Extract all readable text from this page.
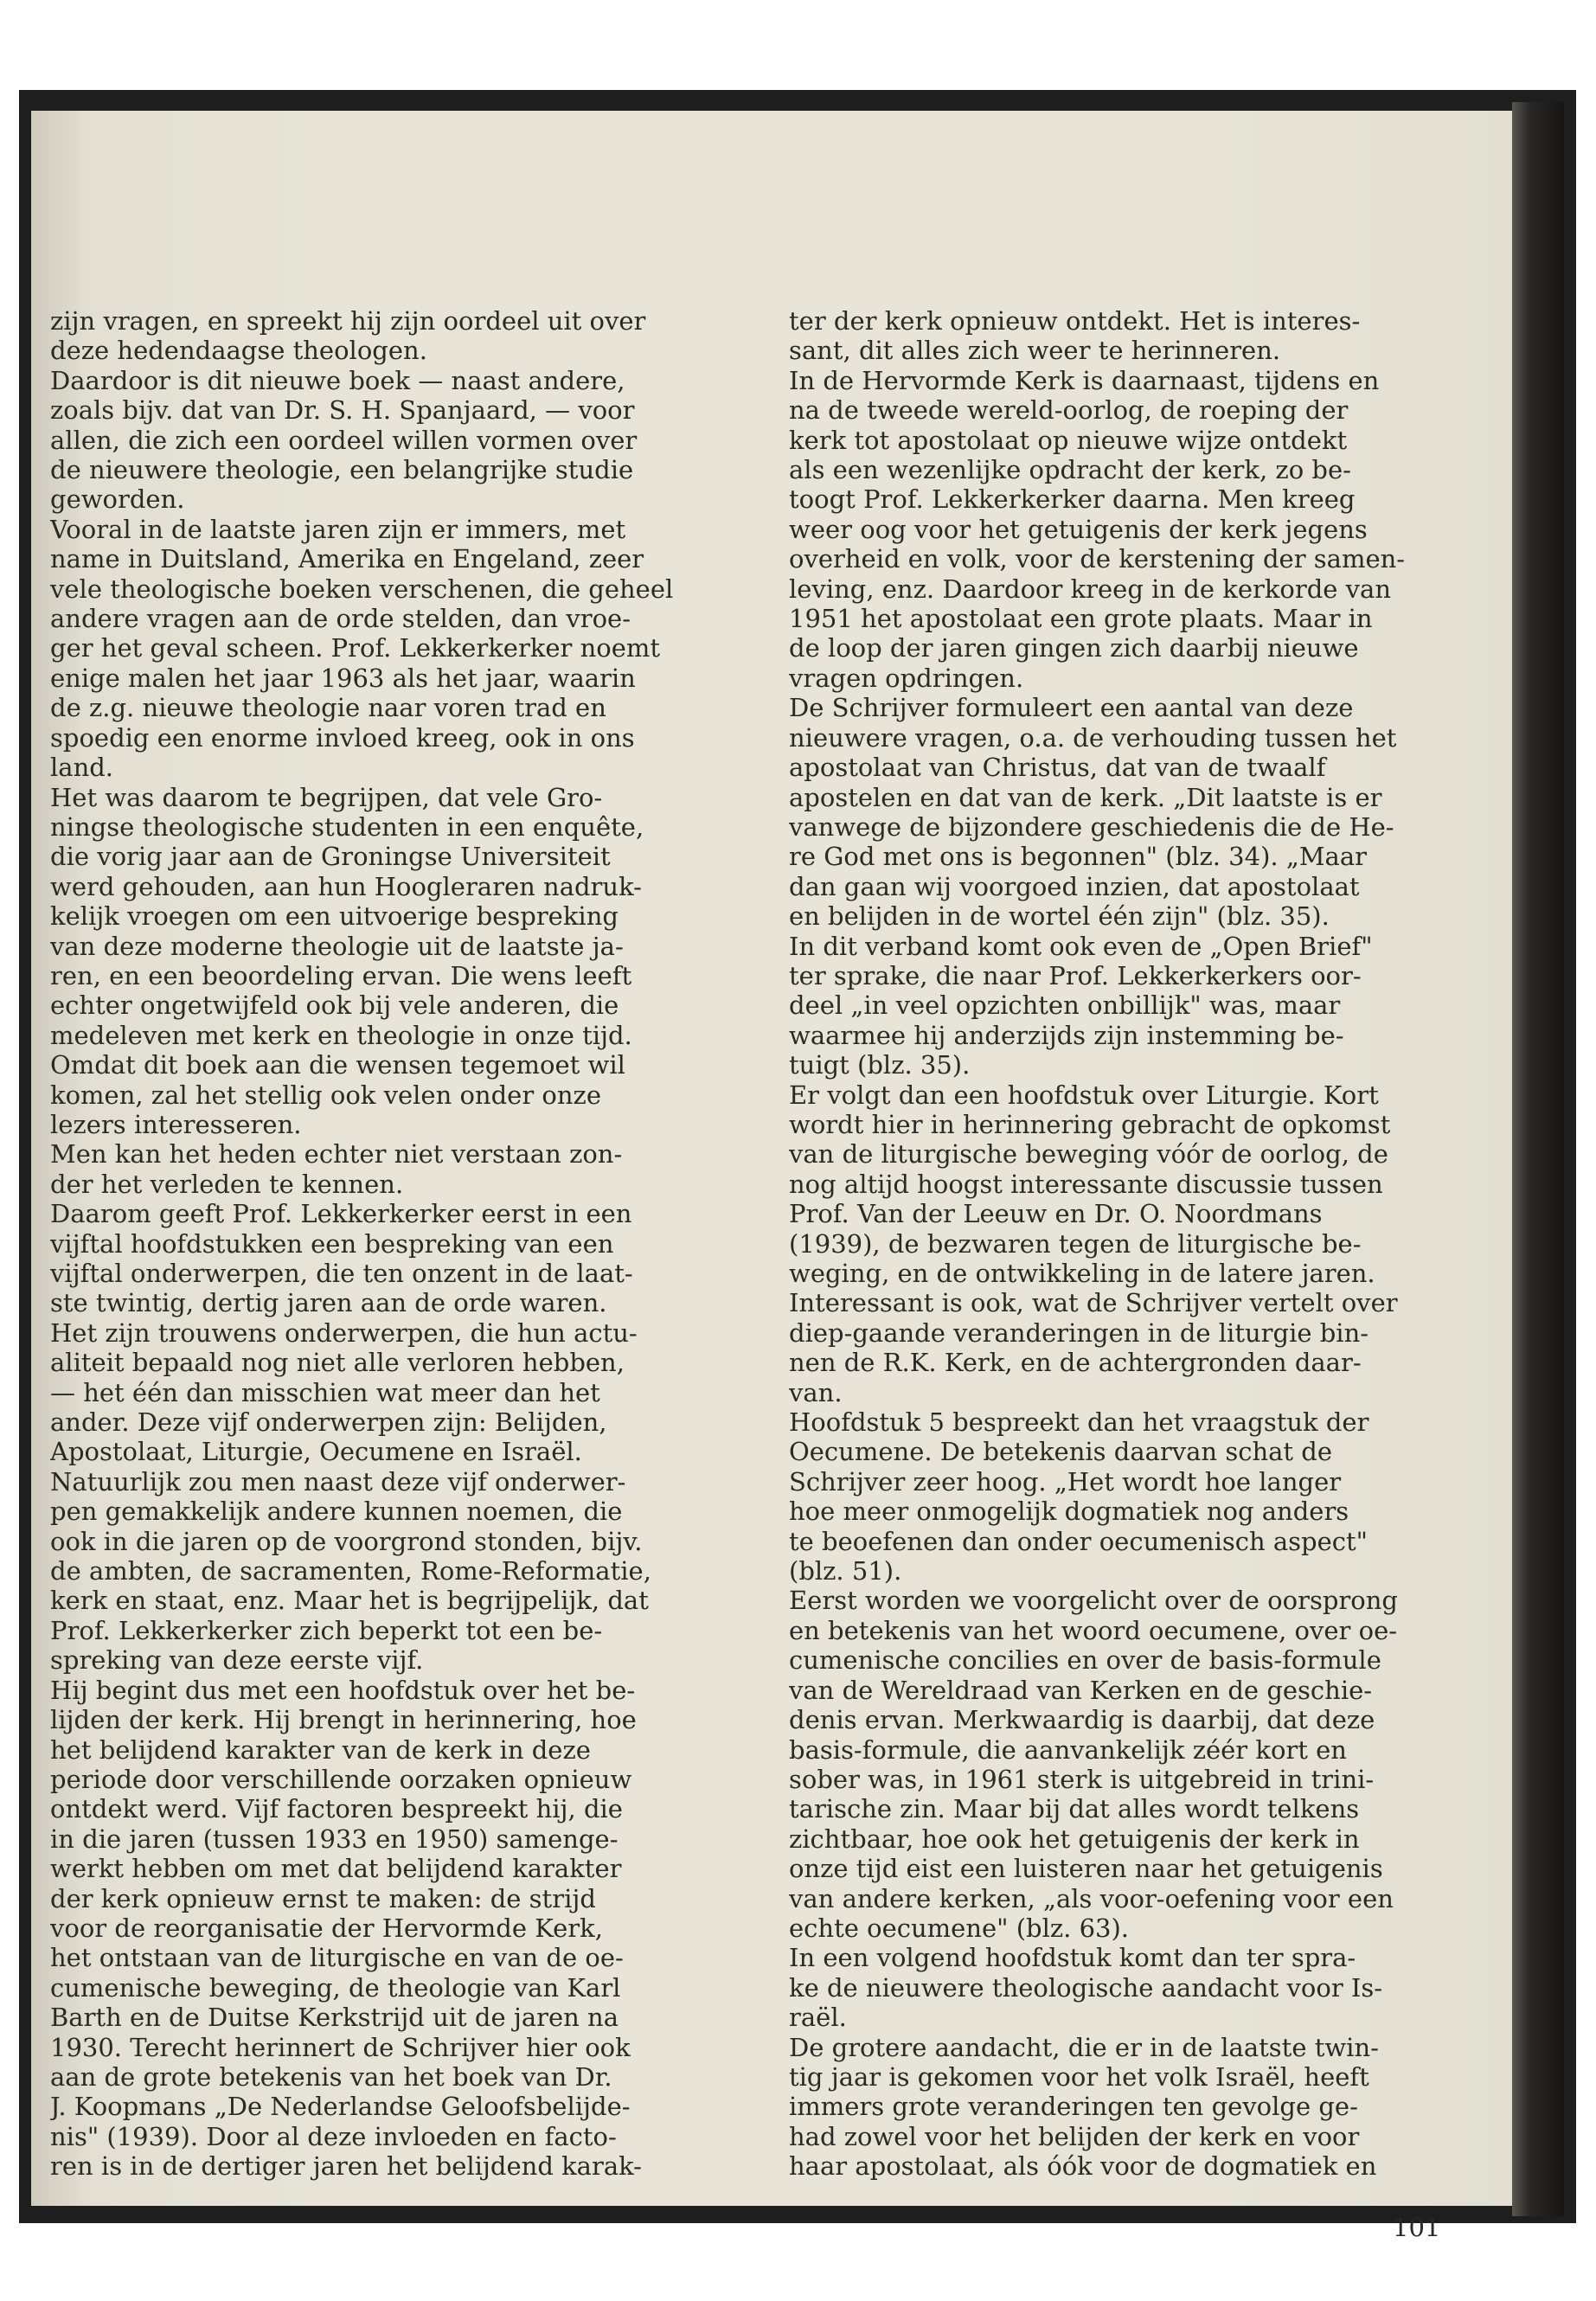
zijn vragen, en spreekt hij zijn oordeel uit over

deze hedendaagse theologen.

Daardoor is dit nieuwe boek — naast andere,

zoals bijv. dat van Dr. S. H. Spanjaard, — voor

allen, die zich een oordeel willen vormen over

de nieuwere theologie, een belangrijke studie

geworden.

Vooral in de laatste jaren zijn er immers, met

name in Duitsland, Amerika en Engeland, zeer

vele theologische boeken verschenen, die geheel

andere vragen aan de orde stelden, dan vroe-

ger het geval scheen. Prof. Lekkerkerker noemt

enige malen het jaar 1963 als het jaar, waarin

de z.g. nieuwe theologie naar voren trad en

spoedig een enorme invloed kreeg, ook in ons

land.

Het was daarom te begrijpen, dat vele Gro-

ningse theologische studenten in een enquête,

die vorig jaar aan de Groningse Universiteit

werd gehouden, aan hun Hoogleraren nadruk-

kelijk vroegen om een uitvoerige bespreking

van deze moderne theologie uit de laatste ja-

ren, en een beoordeling ervan. Die wens leeft

echter ongetwijfeld ook bij vele anderen, die

medeleven met kerk en theologie in onze tijd.

Omdat dit boek aan die wensen tegemoet wil

komen, zal het stellig ook velen onder onze

lezers interesseren.

Men kan het heden echter niet verstaan zon-

der het verleden te kennen.

Daarom geeft Prof. Lekkerkerker eerst in een

vijftal hoofdstukken een bespreking van een

vijftal onderwerpen, die ten onzent in de laat-

ste twintig, dertig jaren aan de orde waren.

Het zijn trouwens onderwerpen, die hun actu-

aliteit bepaald nog niet alle verloren hebben,

— het één dan misschien wat meer dan het

ander. Deze vijf onderwerpen zijn: Belijden,

Apostolaat, Liturgie, Oecumene en Israël.

Natuurlijk zou men naast deze vijf onderwer-

pen gemakkelijk andere kunnen noemen, die

ook in die jaren op de voorgrond stonden, bijv.

de ambten, de sacramenten, Rome-Reformatie,

kerk en staat, enz. Maar het is begrijpelijk, dat

Prof. Lekkerkerker zich beperkt tot een be-

spreking van deze eerste vijf.

Hij begint dus met een hoofdstuk over het be-

lijden der kerk. Hij brengt in herinnering, hoe

het belijdend karakter van de kerk in deze

periode door verschillende oorzaken opnieuw

ontdekt werd. Vijf factoren bespreekt hij, die

in die jaren (tussen 1933 en 1950) samenge-

werkt hebben om met dat belijdend karakter

der kerk opnieuw ernst te maken: de strijd

voor de reorganisatie der Hervormde Kerk,

het ontstaan van de liturgische en van de oe-

cumenische beweging, de theologie van Karl

Barth en de Duitse Kerkstrijd uit de jaren na

1930. Terecht herinnert de Schrijver hier ook

aan de grote betekenis van het boek van Dr.

J. Koopmans „De Nederlandse Geloofsbelijde-

nis" (1939). Door al deze invloeden en facto-

ren is in de dertiger jaren het belijdend karak-

ter der kerk opnieuw ontdekt. Het is interes-

sant, dit alles zich weer te herinneren.

In de Hervormde Kerk is daarnaast, tijdens en

na de tweede wereld-oorlog, de roeping der

kerk tot apostolaat op nieuwe wijze ontdekt

als een wezenlijke opdracht der kerk, zo be-

toogt Prof. Lekkerkerker daarna. Men kreeg

weer oog voor het getuigenis der kerk jegens

overheid en volk, voor de kerstening der samen-

leving, enz. Daardoor kreeg in de kerkorde van

1951 het apostolaat een grote plaats. Maar in

de loop der jaren gingen zich daarbij nieuwe

vragen opdringen.

De Schrijver formuleert een aantal van deze

nieuwere vragen, o.a. de verhouding tussen het

apostolaat van Christus, dat van de twaalf

apostelen en dat van de kerk. „Dit laatste is er

vanwege de bijzondere geschiedenis die de He-

re God met ons is begonnen" (blz. 34). „Maar

dan gaan wij voorgoed inzien, dat apostolaat

en belijden in de wortel één zijn" (blz. 35).

In dit verband komt ook even de „Open Brief"

ter sprake, die naar Prof. Lekkerkerkers oor-

deel „in veel opzichten onbillijk" was, maar

waarmee hij anderzijds zijn instemming be-

tuigt (blz. 35).

Er volgt dan een hoofdstuk over Liturgie. Kort

wordt hier in herinnering gebracht de opkomst

van de liturgische beweging vóór de oorlog, de

nog altijd hoogst interessante discussie tussen

Prof. Van der Leeuw en Dr. O. Noordmans

(1939), de bezwaren tegen de liturgische be-

weging, en de ontwikkeling in de latere jaren.

Interessant is ook, wat de Schrijver vertelt over

diep-gaande veranderingen in de liturgie bin-

nen de R.K. Kerk, en de achtergronden daar-

van.

Hoofdstuk 5 bespreekt dan het vraagstuk der

Oecumene. De betekenis daarvan schat de

Schrijver zeer hoog. „Het wordt hoe langer

hoe meer onmogelijk dogmatiek nog anders

te beoefenen dan onder oecumenisch aspect"

(blz. 51).

Eerst worden we voorgelicht over de oorsprong

en betekenis van het woord oecumene, over oe-

cumenische concilies en over de basis-formule

van de Wereldraad van Kerken en de geschie-

denis ervan. Merkwaardig is daarbij, dat deze

basis-formule, die aanvankelijk zéér kort en

sober was, in 1961 sterk is uitgebreid in trini-

tarische zin. Maar bij dat alles wordt telkens

zichtbaar, hoe ook het getuigenis der kerk in

onze tijd eist een luisteren naar het getuigenis

van andere kerken, „als voor-oefening voor een

echte oecumene" (blz. 63).

In een volgend hoofdstuk komt dan ter spra-

ke de nieuwere theologische aandacht voor Is-

raël.

De grotere aandacht, die er in de laatste twin-

tig jaar is gekomen voor het volk Israël, heeft

immers grote veranderingen ten gevolge ge-

had zowel voor het belijden der kerk en voor

haar apostolaat, als óók voor de dogmatiek en

101
